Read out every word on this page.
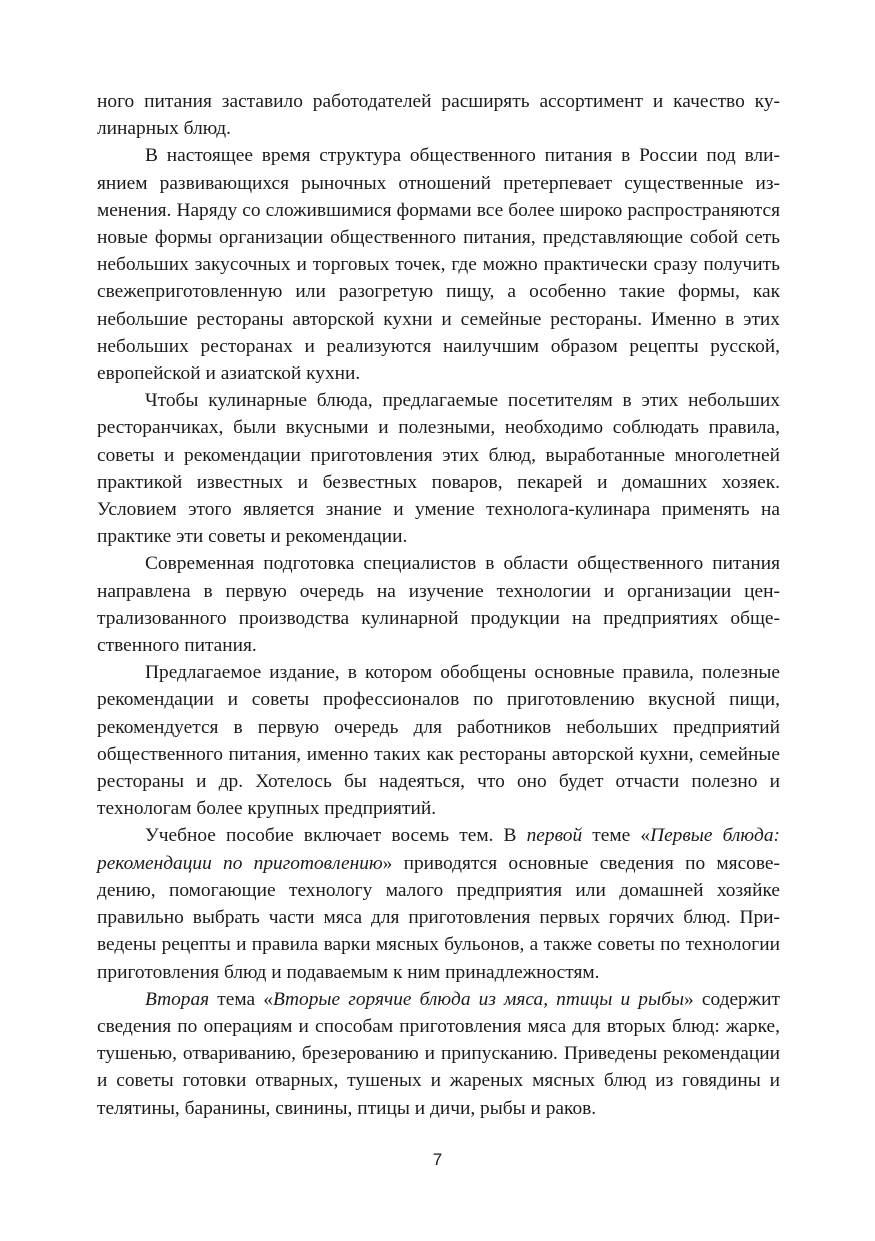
ного питания заставило работодателей расширять ассортимент и качество кулинарных блюд.

В настоящее время структура общественного питания в России под влиянием развивающихся рыночных отношений претерпевает существенные изменения. Наряду со сложившимися формами все более широко распространяются новые формы организации общественного питания, представляющие собой сеть небольших закусочных и торговых точек, где можно практически сразу получить свежеприготовленную или разогретую пищу, а особенно такие формы, как небольшие рестораны авторской кухни и семейные рестораны. Именно в этих небольших ресторанах и реализуются наилучшим образом рецепты русской, европейской и азиатской кухни.

Чтобы кулинарные блюда, предлагаемые посетителям в этих небольших ресторанчиках, были вкусными и полезными, необходимо соблюдать правила, советы и рекомендации приготовления этих блюд, выработанные многолетней практикой известных и безвестных поваров, пекарей и домашних хозяек. Условием этого является знание и умение технолога-кулинара применять на практике эти советы и рекомендации.

Современная подготовка специалистов в области общественного питания направлена в первую очередь на изучение технологии и организации централизованного производства кулинарной продукции на предприятиях общественного питания.

Предлагаемое издание, в котором обобщены основные правила, полезные рекомендации и советы профессионалов по приготовлению вкусной пищи, рекомендуется в первую очередь для работников небольших предприятий общественного питания, именно таких как рестораны авторской кухни, семейные рестораны и др. Хотелось бы надеяться, что оно будет отчасти полезно и технологам более крупных предприятий.

Учебное пособие включает восемь тем. В первой теме «Первые блюда: рекомендации по приготовлению» приводятся основные сведения по мясоведению, помогающие технологу малого предприятия или домашней хозяйке правильно выбрать части мяса для приготовления первых горячих блюд. Приведены рецепты и правила варки мясных бульонов, а также советы по технологии приготовления блюд и подаваемым к ним принадлежностям.

Вторая тема «Вторые горячие блюда из мяса, птицы и рыбы» содержит сведения по операциям и способам приготовления мяса для вторых блюд: жарке, тушенью, отвариванию, брезерованию и припусканию. Приведены рекомендации и советы готовки отварных, тушеных и жареных мясных блюд из говядины и телятины, баранины, свинины, птицы и дичи, рыбы и раков.

7
